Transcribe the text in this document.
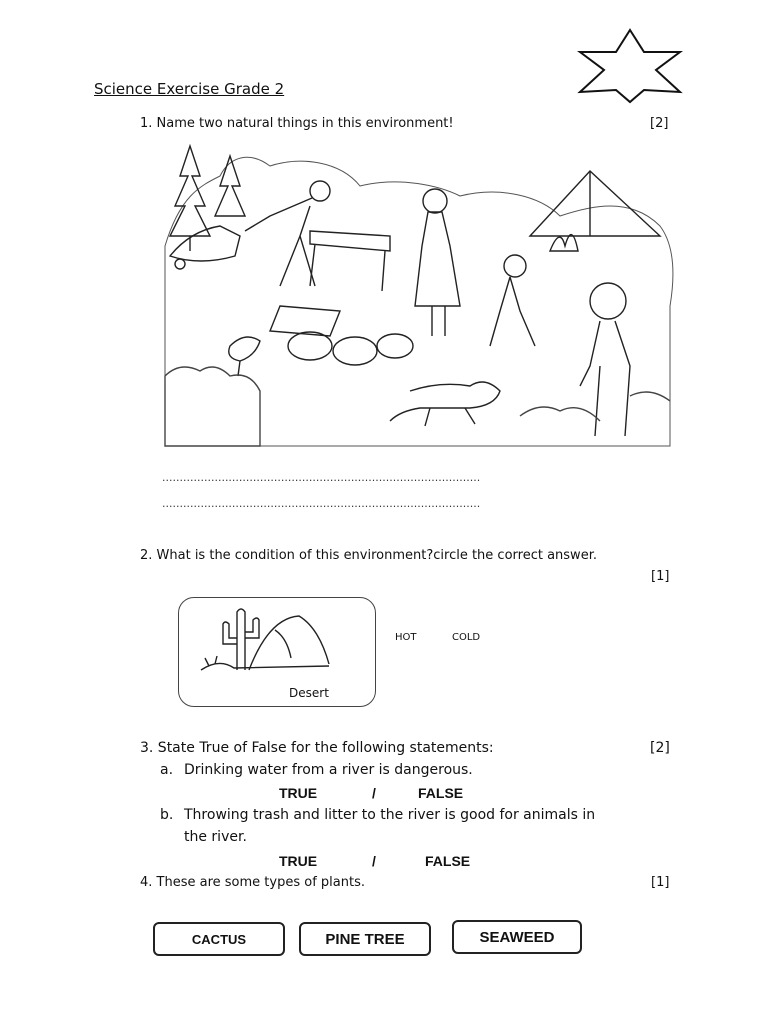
Science Exercise Grade 2
1. Name two natural things in this environment!	[2]
...........................................................................................
...........................................................................................
2. What is the condition of this environment?circle the correct answer.
[1]
Desert
HOT	COLD
3. State True of False for the following statements:	[2]
a. Drinking water from a river is dangerous.
TRUE	/	FALSE
b. Throwing trash and litter to the river is good for animals in
the river.
TRUE	/	FALSE
4. These are some types of plants.	[1]
CACTUS	PINE TREE	SEAWEED
